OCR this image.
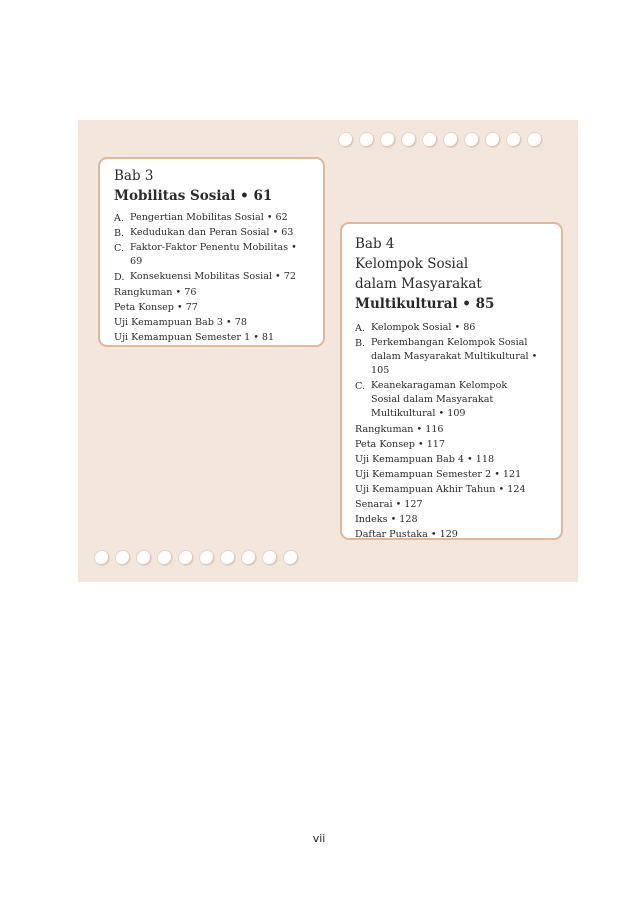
Bab 3
Mobilitas Sosial • 61
A. Pengertian Mobilitas Sosial • 62
B. Kedudukan dan Peran Sosial • 63
C. Faktor-Faktor Penentu Mobilitas • 69
D. Konsekuensi Mobilitas Sosial • 72
Rangkuman • 76
Peta Konsep • 77
Uji Kemampuan Bab 3 • 78
Uji Kemampuan Semester 1 • 81
Bab 4
Kelompok Sosial
dalam Masyarakat
Multikultural • 85
A. Kelompok Sosial • 86
B. Perkembangan Kelompok Sosial dalam Masyarakat Multikultural • 105
C. Keanekaragaman Kelompok Sosial dalam Masyarakat Multikultural • 109
Rangkuman • 116
Peta Konsep • 117
Uji Kemampuan Bab 4 • 118
Uji Kemampuan Semester 2 • 121
Uji Kemampuan Akhir Tahun • 124
Senarai • 127
Indeks • 128
Daftar Pustaka • 129
vii
